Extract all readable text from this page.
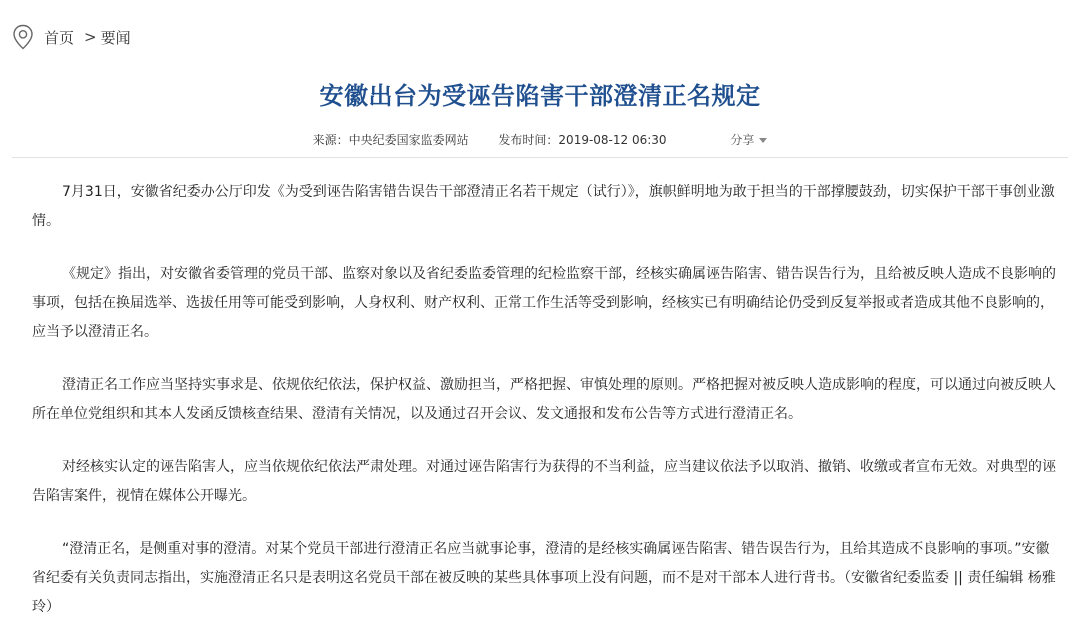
首页 > 要闻
安徽出台为受诬告陷害干部澄清正名规定
来源：中央纪委国家监委网站 发布时间：2019-08-12 06:30	分享

7月31日，安徽省纪委办公厅印发《为受到诬告陷害错告误告干部澄清正名若干规定（试行）》，旗帜鲜明地为敢于担当的干部撑腰鼓劲，切实保护干部干事创业激情。

《规定》指出，对安徽省委管理的党员干部、监察对象以及省纪委监委管理的纪检监察干部，经核实确属诬告陷害、错告误告行为，且给被反映人造成不良影响的事项，包括在换届选举、选拔任用等可能受到影响，人身权利、财产权利、正常工作生活等受到影响，经核实已有明确结论仍受到反复举报或者造成其他不良影响的，应当予以澄清正名。

澄清正名工作应当坚持实事求是、依规依纪依法，保护权益、激励担当，严格把握、审慎处理的原则。严格把握对被反映人造成影响的程度，可以通过向被反映人所在单位党组织和其本人发函反馈核查结果、澄清有关情况，以及通过召开会议、发文通报和发布公告等方式进行澄清正名。

对经核实认定的诬告陷害人，应当依规依纪依法严肃处理。对通过诬告陷害行为获得的不当利益，应当建议依法予以取消、撤销、收缴或者宣布无效。对典型的诬告陷害案件，视情在媒体公开曝光。

“澄清正名，是侧重对事的澄清。对某个党员干部进行澄清正名应当就事论事，澄清的是经核实确属诬告陷害、错告误告行为，且给其造成不良影响的事项。”安徽省纪委有关负责同志指出，实施澄清正名只是表明这名党员干部在被反映的某些具体事项上没有问题，而不是对干部本人进行背书。（安徽省纪委监委 || 责任编辑 杨雅玲）
